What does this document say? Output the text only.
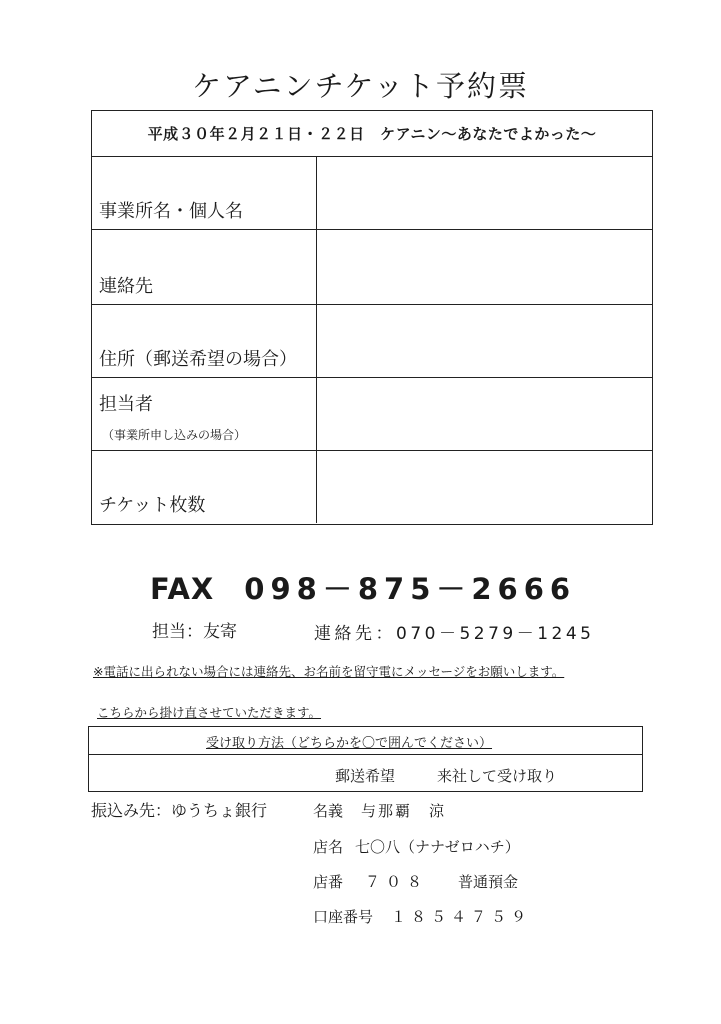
ケアニンチケット予約票
平成３０年２月２１日・２２日　ケアニン～あなたでよかった～
事業所名・個人名
連絡先
住所（郵送希望の場合）
担当者
（事業所申し込みの場合）
チケット枚数
FAX 098－875－2666
担当：友寄	連絡先：070－5279－1245
※電話に出られない場合には連絡先、お名前を留守電にメッセージをお願いします。
こちらから掛け直させていただきます。
受け取り方法（どちらかを〇で囲んでください）
郵送希望	来社して受け取り
振込み先：ゆうちょ銀行	名義 与那覇　涼
店名 七〇八（ナナゼロハチ）
店番 ７０８ 普通預金
口座番号 １８５４７５９
